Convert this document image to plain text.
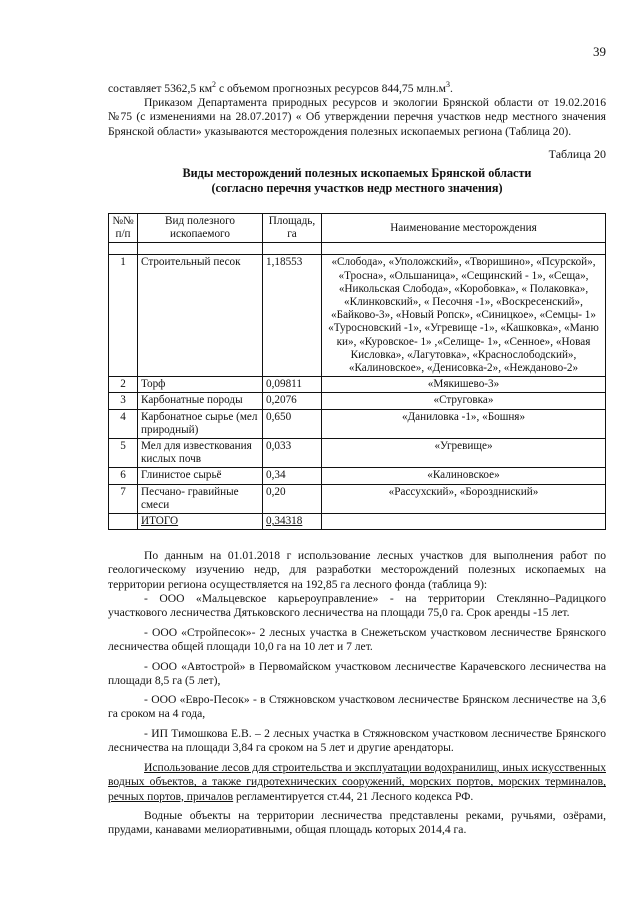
39

составляет 5362,5 $км^2$ с объемом прогнозных ресурсов 844,75 $млн.м^3$.

Приказом Департамента природных ресурсов и экологии Брянской области от 19.02.2016 №75 (с изменениями на 28.07.2017) « Об утверждении перечня участков недр местного значения Брянской области» указываются месторождения полезных ископаемых региона (Таблица 20).

Таблица 20
Виды месторождений полезных ископаемых Брянской области
(согласно перечня участков недр местного значения)
№№ п/п	Вид полезного ископаемого	Площадь, га	Наименование месторождения

1	Строительный песок	1,18553	«Слобода», «Уположский», «Творишино», «Псурской», «Тросна», «Ольшаница», «Сещинский - 1», «Сеща», «Никольская Слобода», «Коробовка», « Полаковка», «Клинковский», « Песочня -1», «Воскресенский», «Байково-3», «Новый Ропск», «Синицкое», «Семцы- 1» «Туросновский -1», «Угревище -1», «Кашковка», «Маню ки», «Куровское- 1» ,«Селище- 1», «Сенное», «Новая Кисловка», «Лагутовка», «Краснослободский», «Калиновское», «Денисовка-2», «Нежданово-2»
2	Торф	0,09811	«Мякишево-3»
3	Карбонатные породы	0,2076	«Струговка»
4	Карбонатное сырье (мел природный)	0,650	«Даниловка -1», «Бошня»
5	Мел для известкования кислых почв	0,033	«Угревище»
6	Глинистое сырьё	0,34	«Калиновское»
7	Песчано- гравийные смеси	0,20	«Рассухский», «Бороздниский»
	ИТОГО	0,34318	

По данным на 01.01.2018 г использование лесных участков для выполнения работ по геологическому изучению недр, для разработки месторождений полезных ископаемых на территории региона осуществляется на 192,85 га лесного фонда (таблица 9):

- ООО «Мальцевское карьероуправление» - на территории Стеклянно–Радицкого участкового лесничества Дятьковского лесничества на площади 75,0 га. Срок аренды -15 лет.

- ООО «Стройпесок»- 2 лесных участка в Снежетьском участковом лесничестве Брянского лесничества общей площади 10,0 га на 10 лет и 7 лет.

- ООО «Автострой» в Первомайском участковом лесничестве Карачевского лесничества на площади 8,5 га (5 лет),

- ООО «Евро-Песок» - в Стяжновском участковом лесничестве Брянском лесничестве на 3,6 га сроком на 4 года,

- ИП Тимошкова Е.В. – 2 лесных участка в Стяжновском участковом лесничестве Брянского лесничества на площади 3,84 га сроком на 5 лет и другие арендаторы.

Использование лесов для строительства и эксплуатации водохранилищ, иных искусственных водных объектов, а также гидротехнических сооружений, морских портов, морских терминалов, речных портов, причалов регламентируется ст.44, 21 Лесного кодекса РФ.

Водные объекты на территории лесничества представлены реками, ручьями, озёрами, прудами, канавами мелиоративными, общая площадь которых 2014,4 га.
